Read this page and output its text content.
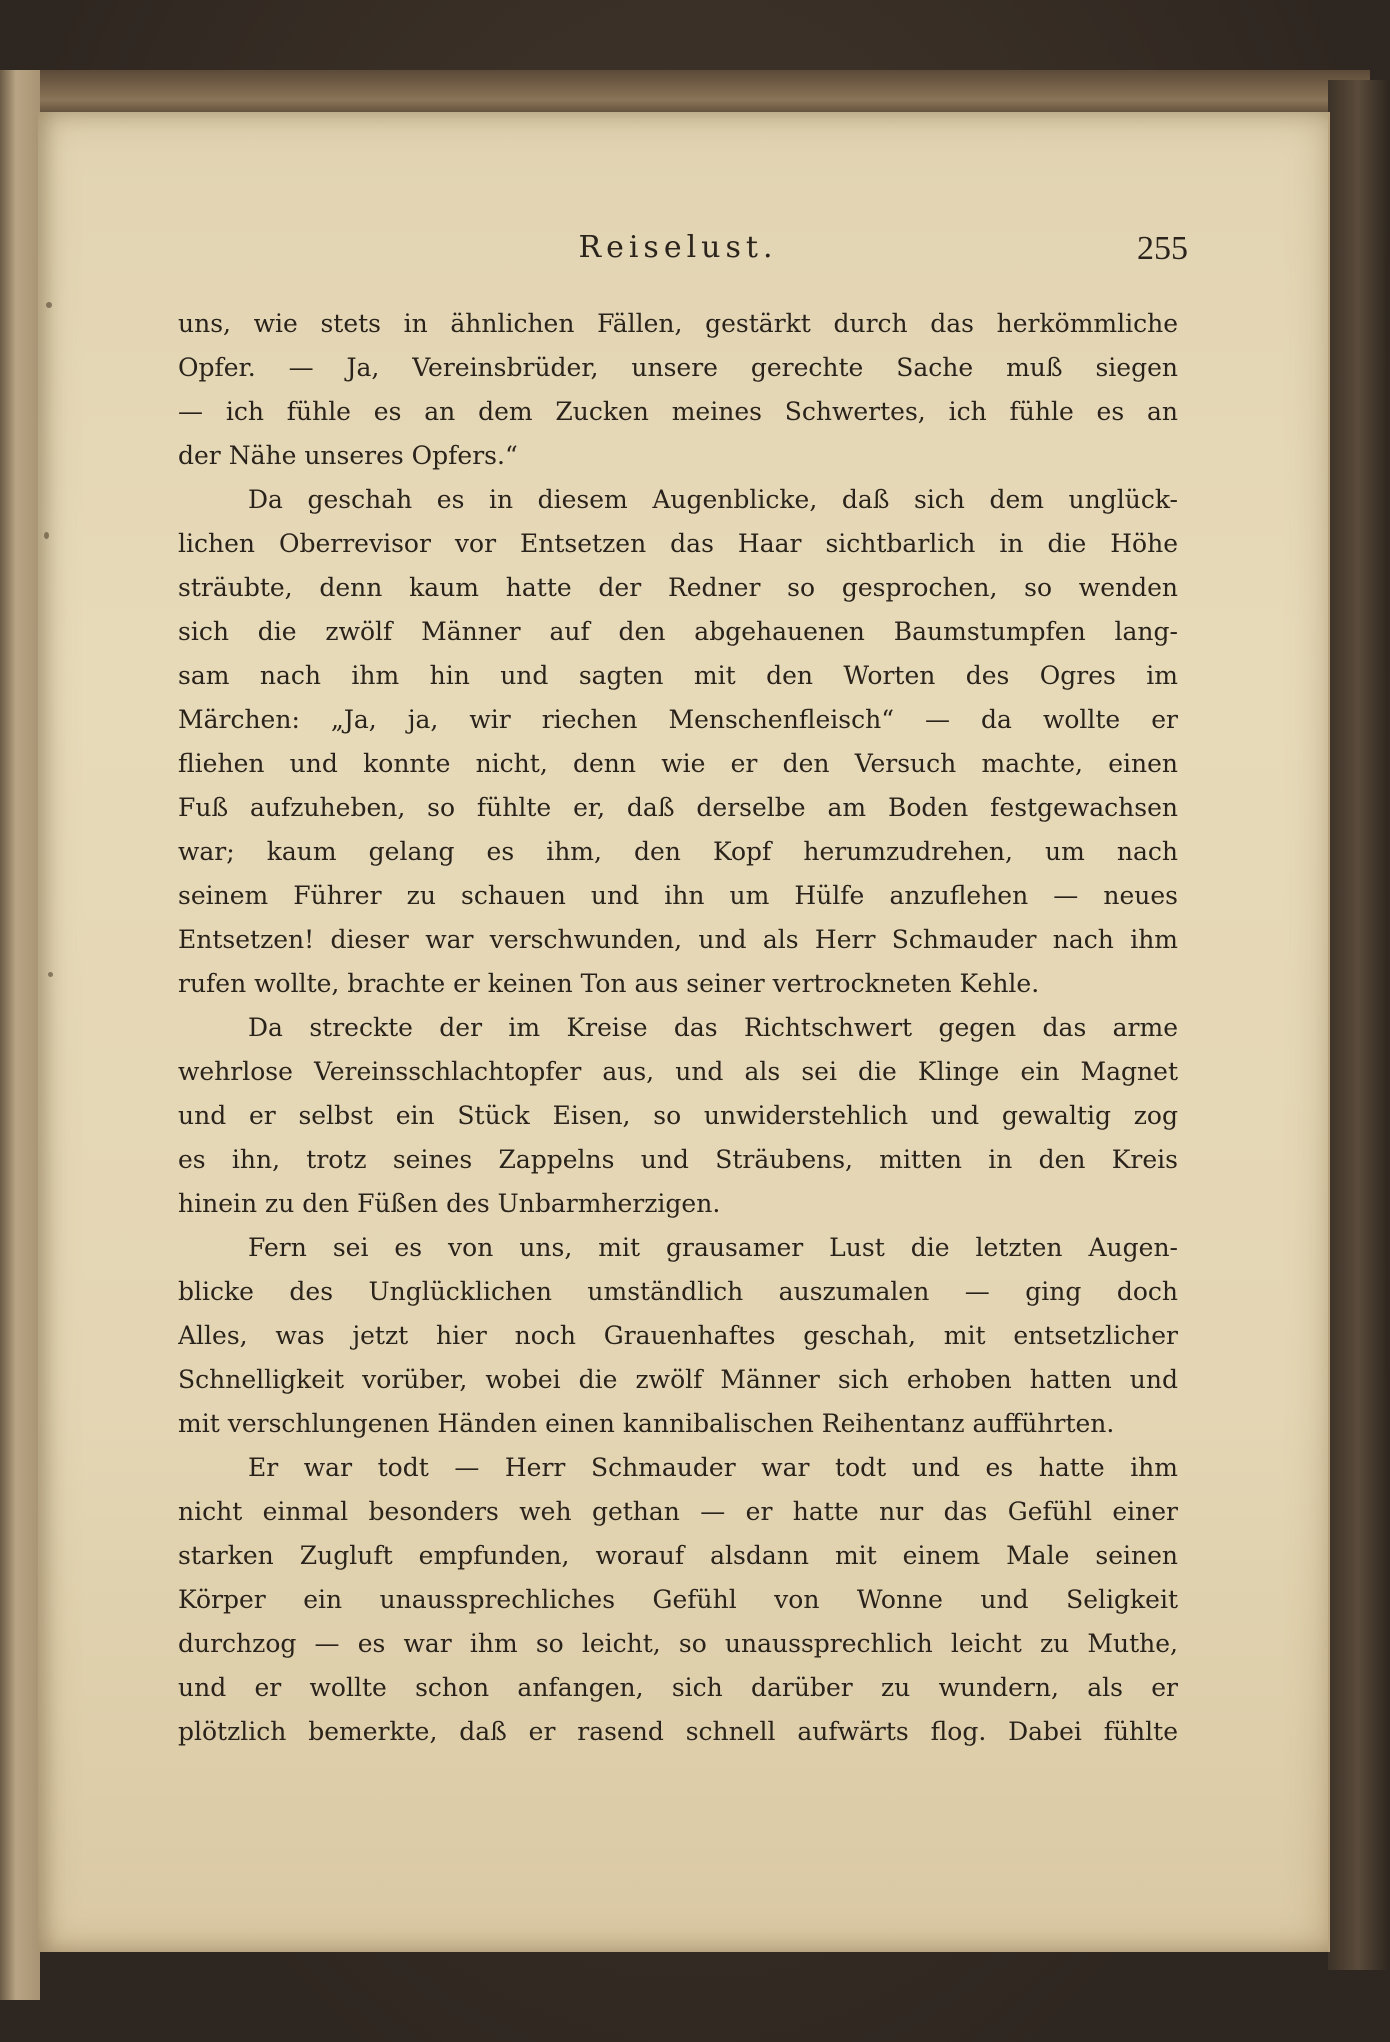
Reiselust.	255
uns, wie stets in ähnlichen Fällen, gestärkt durch das herkömmliche
Opfer. — Ja, Vereinsbrüder, unsere gerechte Sache muß siegen
— ich fühle es an dem Zucken meines Schwertes, ich fühle es an
der Nähe unseres Opfers.“
Da geschah es in diesem Augenblicke, daß sich dem unglück-
lichen Oberrevisor vor Entsetzen das Haar sichtbarlich in die Höhe
sträubte, denn kaum hatte der Redner so gesprochen, so wenden
sich die zwölf Männer auf den abgehauenen Baumstumpfen lang-
sam nach ihm hin und sagten mit den Worten des Ogres im
Märchen: „Ja, ja, wir riechen Menschenfleisch“ — da wollte er
fliehen und konnte nicht, denn wie er den Versuch machte, einen
Fuß aufzuheben, so fühlte er, daß derselbe am Boden festgewachsen
war; kaum gelang es ihm, den Kopf herumzudrehen, um nach
seinem Führer zu schauen und ihn um Hülfe anzuflehen — neues
Entsetzen! dieser war verschwunden, und als Herr Schmauder nach ihm
rufen wollte, brachte er keinen Ton aus seiner vertrockneten Kehle.
Da streckte der im Kreise das Richtschwert gegen das arme
wehrlose Vereinsschlachtopfer aus, und als sei die Klinge ein Magnet
und er selbst ein Stück Eisen, so unwiderstehlich und gewaltig zog
es ihn, trotz seines Zappelns und Sträubens, mitten in den Kreis
hinein zu den Füßen des Unbarmherzigen.
Fern sei es von uns, mit grausamer Lust die letzten Augen-
blicke des Unglücklichen umständlich auszumalen — ging doch
Alles, was jetzt hier noch Grauenhaftes geschah, mit entsetzlicher
Schnelligkeit vorüber, wobei die zwölf Männer sich erhoben hatten und
mit verschlungenen Händen einen kannibalischen Reihentanz aufführten.
Er war todt — Herr Schmauder war todt und es hatte ihm
nicht einmal besonders weh gethan — er hatte nur das Gefühl einer
starken Zugluft empfunden, worauf alsdann mit einem Male seinen
Körper ein unaussprechliches Gefühl von Wonne und Seligkeit
durchzog — es war ihm so leicht, so unaussprechlich leicht zu Muthe,
und er wollte schon anfangen, sich darüber zu wundern, als er
plötzlich bemerkte, daß er rasend schnell aufwärts flog. Dabei fühlte
